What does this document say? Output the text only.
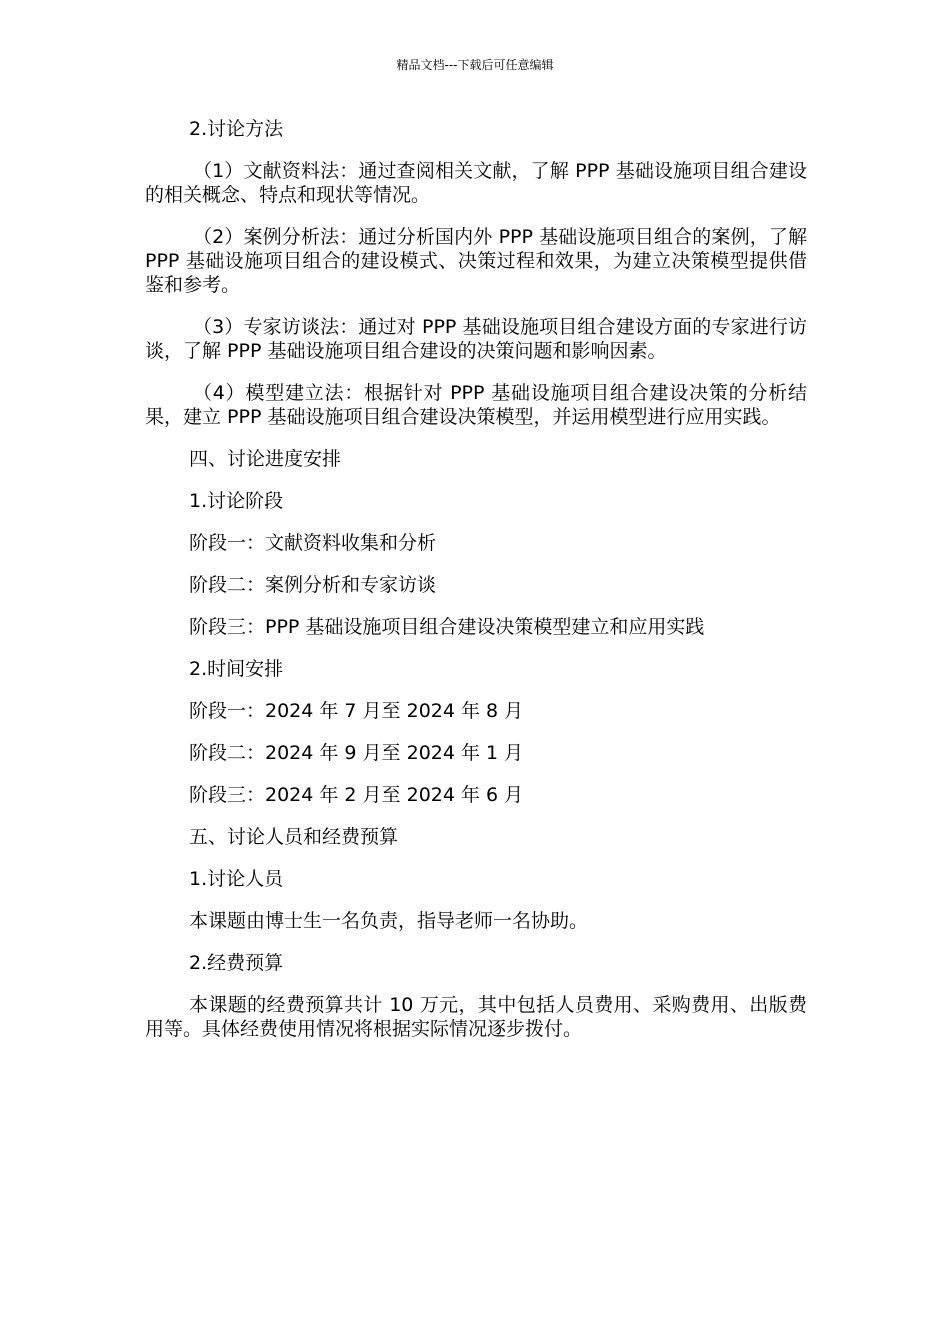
精品文档---下载后可任意编辑

2.讨论方法

（1）文献资料法：通过查阅相关文献，了解 PPP 基础设施项目组合建设的相关概念、特点和现状等情况。

（2）案例分析法：通过分析国内外 PPP 基础设施项目组合的案例，了解 PPP 基础设施项目组合的建设模式、决策过程和效果，为建立决策模型提供借鉴和参考。

（3）专家访谈法：通过对 PPP 基础设施项目组合建设方面的专家进行访谈，了解 PPP 基础设施项目组合建设的决策问题和影响因素。

（4）模型建立法：根据针对 PPP 基础设施项目组合建设决策的分析结果，建立 PPP 基础设施项目组合建设决策模型，并运用模型进行应用实践。

四、讨论进度安排

1.讨论阶段

阶段一：文献资料收集和分析

阶段二：案例分析和专家访谈

阶段三：PPP 基础设施项目组合建设决策模型建立和应用实践

2.时间安排

阶段一：2024 年 7 月至 2024 年 8 月

阶段二：2024 年 9 月至 2024 年 1 月

阶段三：2024 年 2 月至 2024 年 6 月

五、讨论人员和经费预算

1.讨论人员

本课题由博士生一名负责，指导老师一名协助。

2.经费预算

本课题的经费预算共计 10 万元，其中包括人员费用、采购费用、出版费用等。具体经费使用情况将根据实际情况逐步拨付。
